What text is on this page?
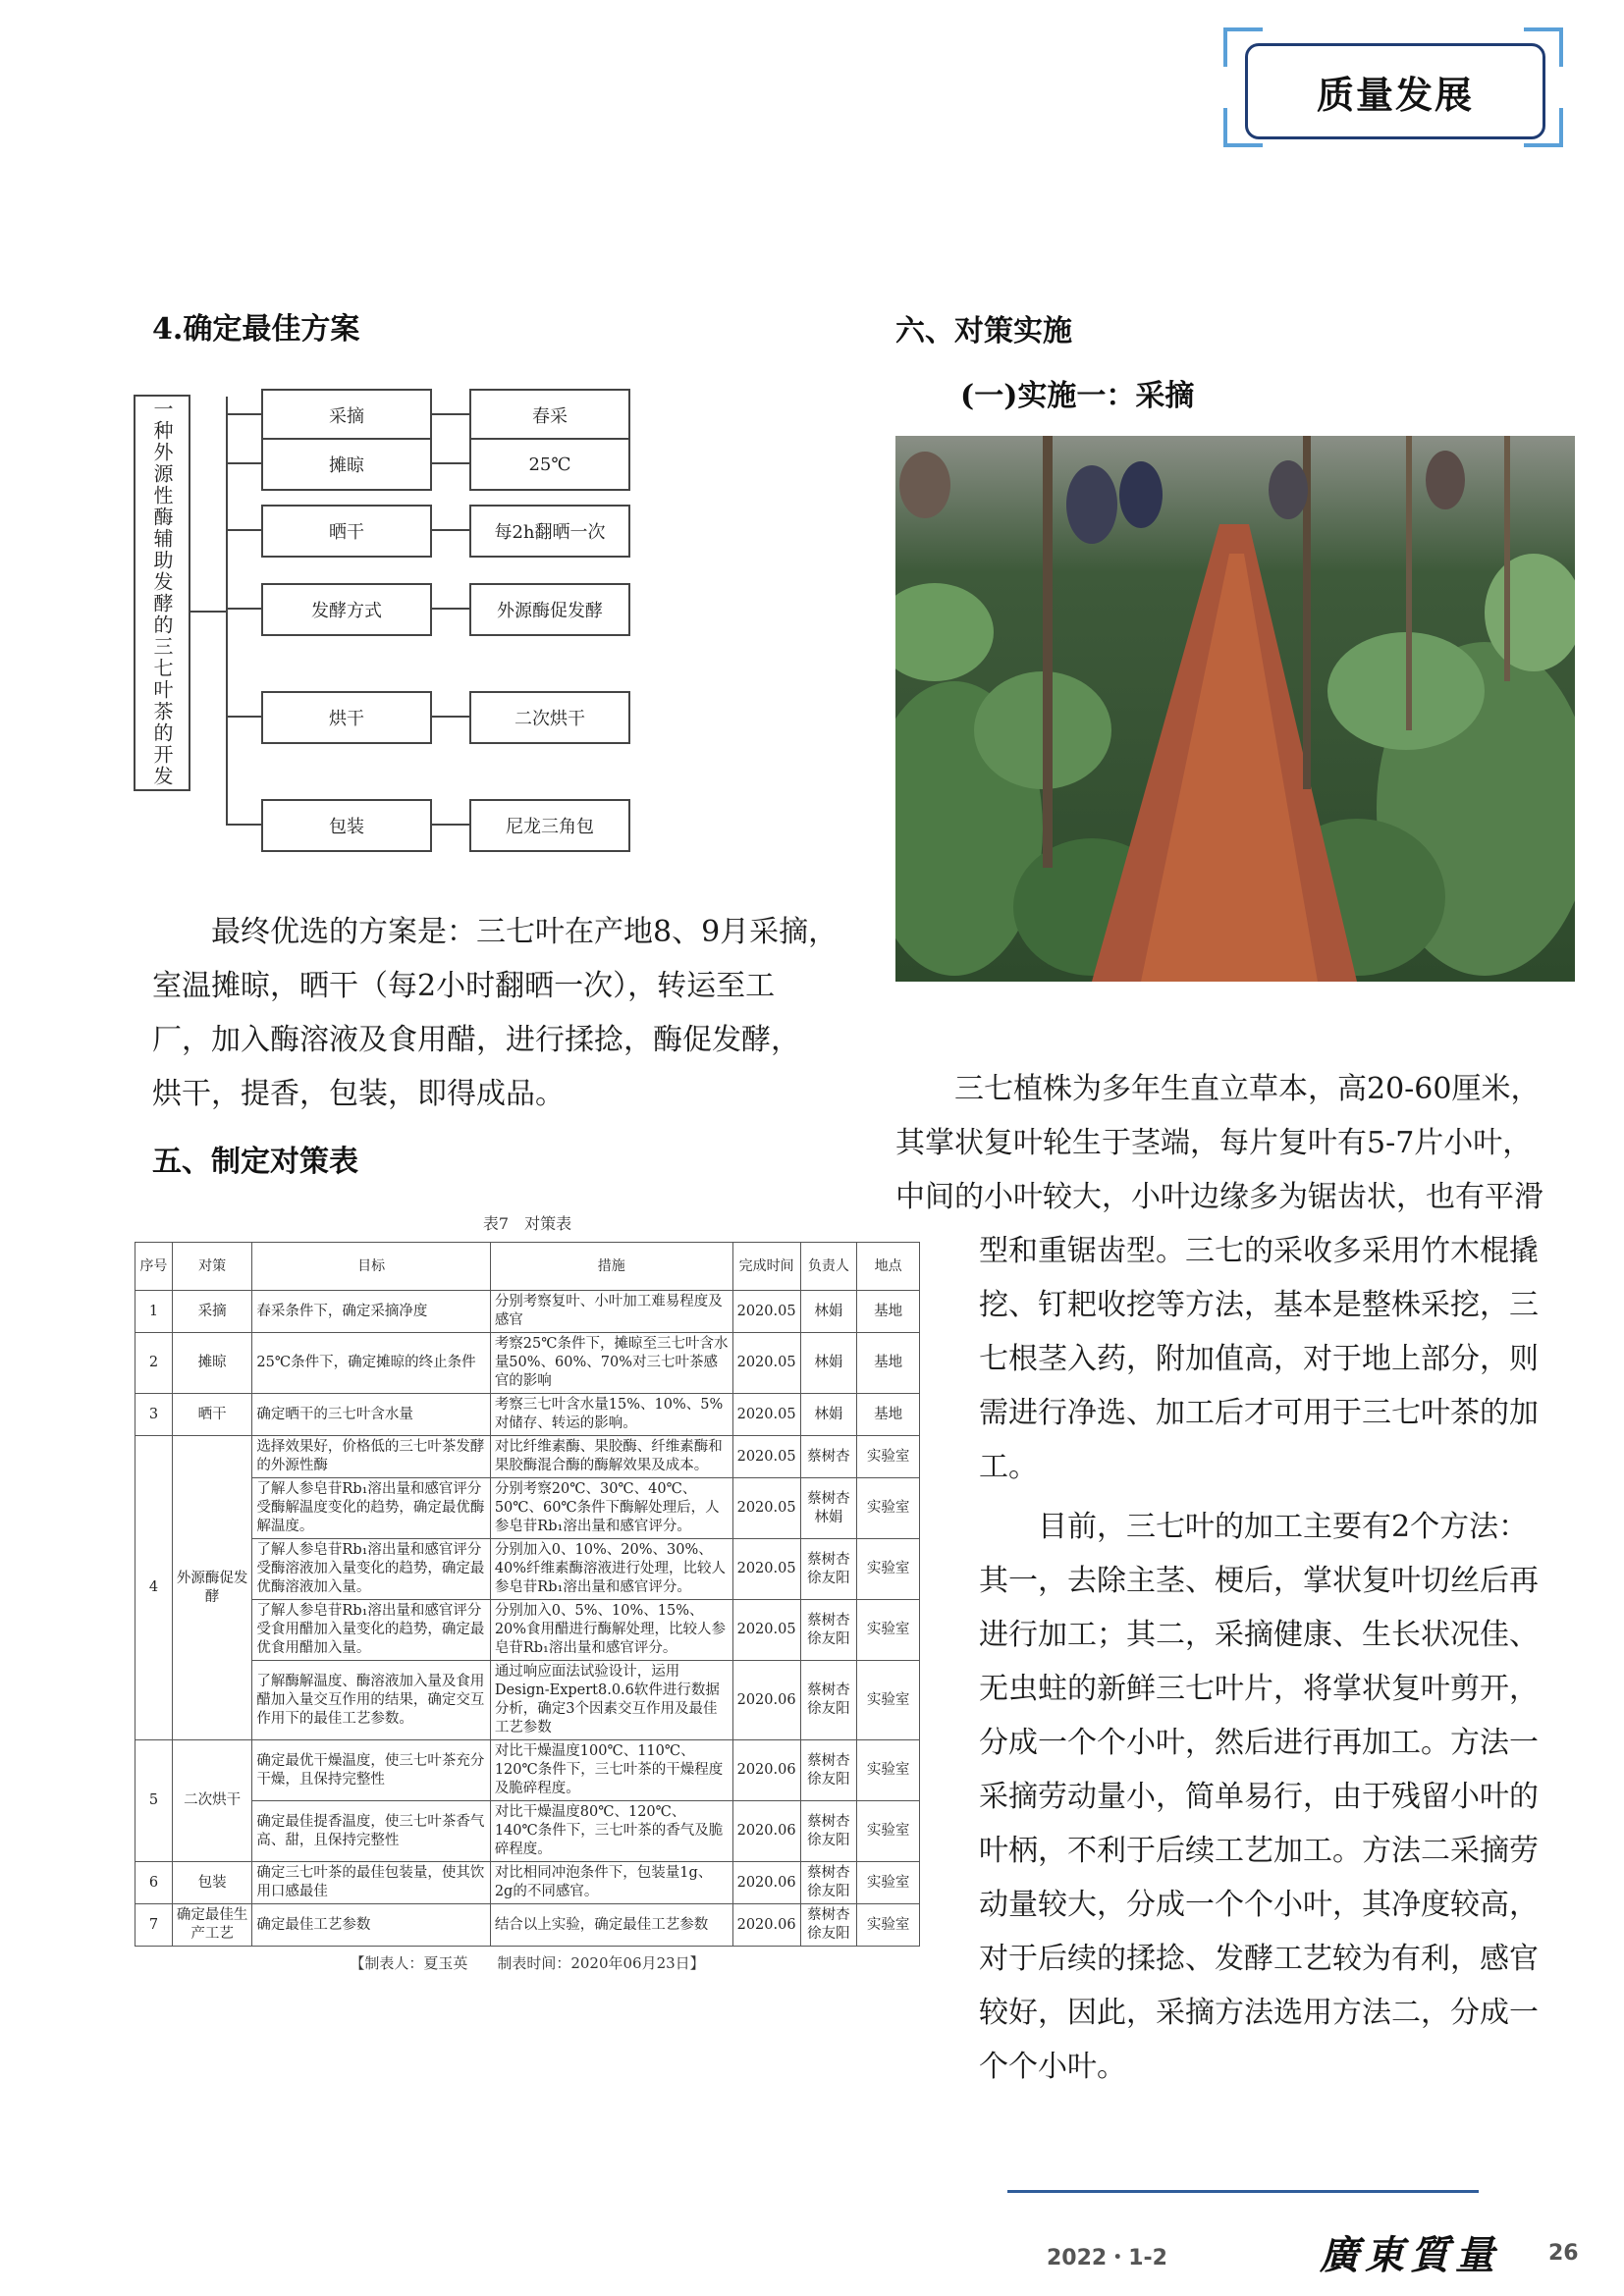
质量发展
4.确定最佳方案
一种外源性酶辅助发酵的三七叶茶的开发	采摘	春采
摊晾	25℃
晒干	每2h翻晒一次
发酵方式	外源酶促发酵
烘干	二次烘干
包装	尼龙三角包
　　最终优选的方案是：三七叶在产地8、9月采摘，
室温摊晾，晒干（每2小时翻晒一次），转运至工
厂，加入酶溶液及食用醋，进行揉捻，酶促发酵，
烘干，提香，包装，即得成品。
五、制定对策表
表7　对策表
序号	对策	目标	措施	完成时间	负责人	地点
1	采摘	春采条件下，确定采摘净度	分别考察复叶、小叶加工难易程度及感官	2020.05	林娟	基地
2	摊晾	25℃条件下，确定摊晾的终止条件	考察25℃条件下，摊晾至三七叶含水量50%、60%、70%对三七叶茶感官的影响	2020.05	林娟	基地
3	晒干	确定晒干的三七叶含水量	考察三七叶含水量15%、10%、5%对储存、转运的影响。	2020.05	林娟	基地
4	外源酶促发酵	选择效果好，价格低的三七叶茶发酵的外源性酶	对比纤维素酶、果胶酶、纤维素酶和果胶酶混合酶的酶解效果及成本。	2020.05	蔡树杏	实验室
		了解人参皂苷Rb₁溶出量和感官评分受酶解温度变化的趋势，确定最优酶解温度。	分别考察20℃、30℃、40℃、50℃、60℃条件下酶解处理后，人参皂苷Rb₁溶出量和感官评分。	2020.05	蔡树杏林娟	实验室
		了解人参皂苷Rb₁溶出量和感官评分受酶溶液加入量变化的趋势，确定最优酶溶液加入量。	分别加入0、10%、20%、30%、40%纤维素酶溶液进行处理，比较人参皂苷Rb₁溶出量和感官评分。	2020.05	蔡树杏徐友阳	实验室
		了解人参皂苷Rb₁溶出量和感官评分受食用醋加入量变化的趋势，确定最优食用醋加入量。	分别加入0、5%、10%、15%、20%食用醋进行酶解处理，比较人参皂苷Rb₁溶出量和感官评分。	2020.05	蔡树杏徐友阳	实验室
		了解酶解温度、酶溶液加入量及食用醋加入量交互作用的结果，确定交互作用下的最佳工艺参数。	通过响应面法试验设计，运用Design-Expert8.0.6软件进行数据分析，确定3个因素交互作用及最佳工艺参数	2020.06	蔡树杏徐友阳	实验室
5	二次烘干	确定最优干燥温度，使三七叶茶充分干燥，且保持完整性	对比干燥温度100℃、110℃、120℃条件下，三七叶茶的干燥程度及脆碎程度。	2020.06	蔡树杏徐友阳	实验室
		确定最佳提香温度，使三七叶茶香气高、甜，且保持完整性	对比干燥温度80℃、120℃、140℃条件下，三七叶茶的香气及脆碎程度。	2020.06	蔡树杏徐友阳	实验室
6	包装	确定三七叶茶的最佳包装量，使其饮用口感最佳	对比相同冲泡条件下，包装量1g、2g的不同感官。	2020.06	蔡树杏徐友阳	实验室
7	确定最佳生产工艺	确定最佳工艺参数	结合以上实验，确定最佳工艺参数	2020.06	蔡树杏徐友阳	实验室
【制表人：夏玉英　　制表时间：2020年06月23日】
六、对策实施
(一)实施一：采摘
　　三七植株为多年生直立草本，高20-60厘米，
其掌状复叶轮生于茎端，每片复叶有5-7片小叶，
中间的小叶较大，小叶边缘多为锯齿状，也有平滑
型和重锯齿型。三七的采收多采用竹木棍撬
挖、钉耙收挖等方法，基本是整株采挖，三
七根茎入药，附加值高，对于地上部分，则
需进行净选、加工后才可用于三七叶茶的加
工。
　　目前，三七叶的加工主要有2个方法：
其一，去除主茎、梗后，掌状复叶切丝后再
进行加工；其二，采摘健康、生长状况佳、
无虫蛀的新鲜三七叶片，将掌状复叶剪开，
分成一个个小叶，然后进行再加工。方法一
采摘劳动量小，简单易行，由于残留小叶的
叶柄，不利于后续工艺加工。方法二采摘劳
动量较大，分成一个个小叶，其净度较高，
对于后续的揉捻、发酵工艺较为有利，感官
较好，因此，采摘方法选用方法二，分成一
个个小叶。
2022・1-2	廣東質量 26
